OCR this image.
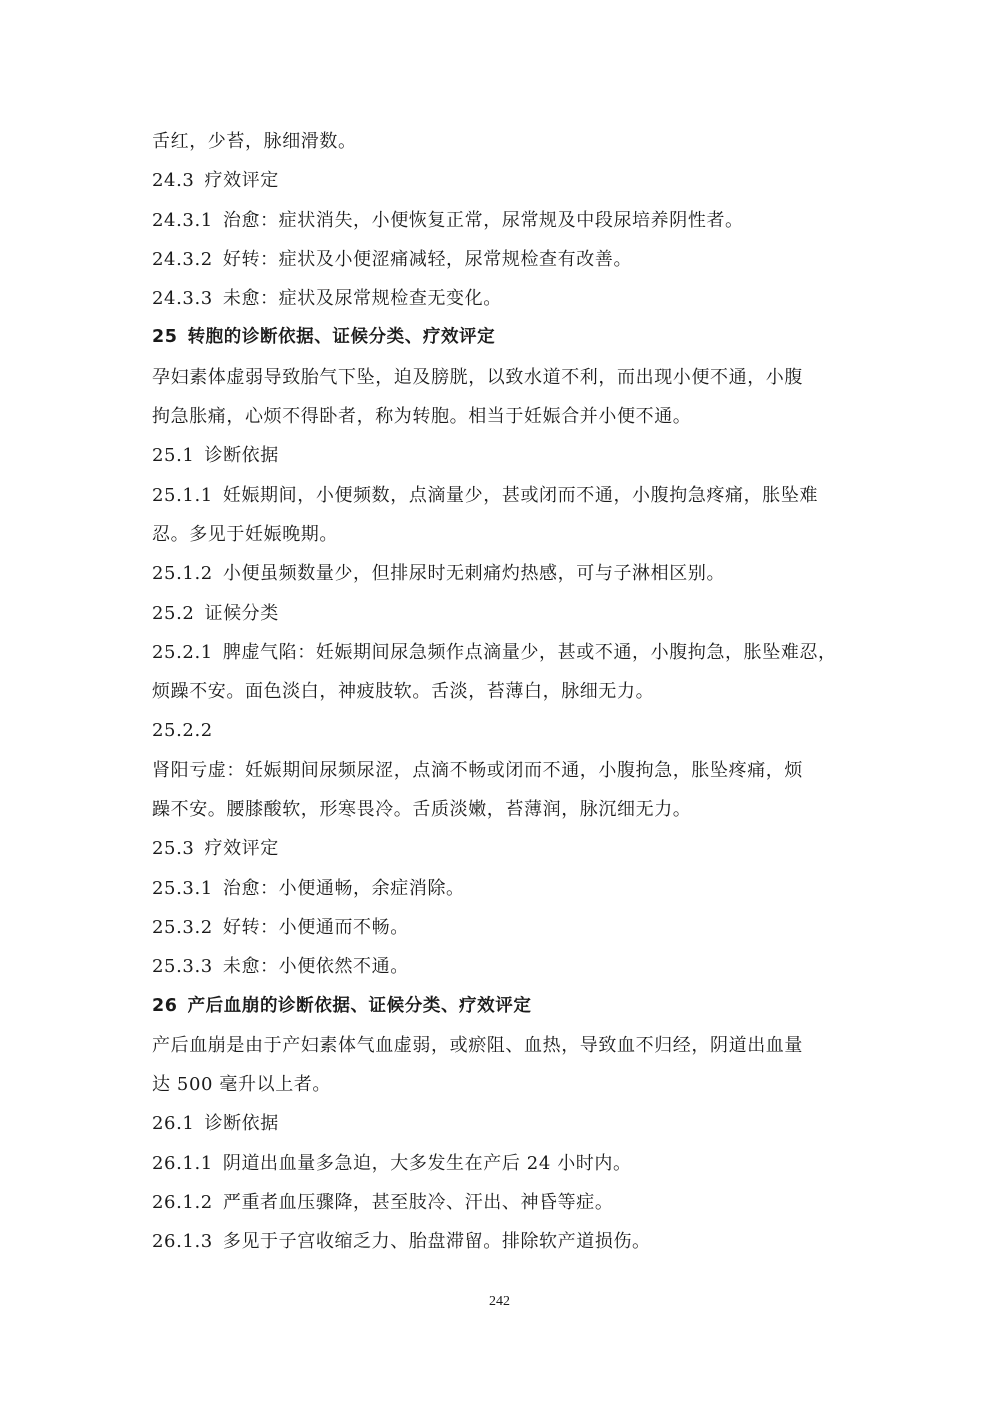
舌红，少苔，脉细滑数。
24.3 疗效评定
24.3.1 治愈：症状消失，小便恢复正常，尿常规及中段尿培养阴性者。
24.3.2 好转：症状及小便涩痛减轻，尿常规检查有改善。
24.3.3 未愈：症状及尿常规检查无变化。
25 转胞的诊断依据、证候分类、疗效评定
孕妇素体虚弱导致胎气下坠，迫及膀胱，以致水道不利，而出现小便不通，小腹
拘急胀痛，心烦不得卧者，称为转胞。相当于妊娠合并小便不通。
25.1 诊断依据
25.1.1 妊娠期间，小便频数，点滴量少，甚或闭而不通，小腹拘急疼痛，胀坠难
忍。多见于妊娠晚期。
25.1.2 小便虽频数量少，但排尿时无刺痛灼热感，可与子淋相区别。
25.2 证候分类
25.2.1 脾虚气陷：妊娠期间尿急频作点滴量少，甚或不通，小腹拘急，胀坠难忍，
烦躁不安。面色淡白，神疲肢软。舌淡，苔薄白，脉细无力。
25.2.2
肾阳亏虚：妊娠期间尿频尿涩，点滴不畅或闭而不通，小腹拘急，胀坠疼痛，烦
躁不安。腰膝酸软，形寒畏冷。舌质淡嫩，苔薄润，脉沉细无力。
25.3 疗效评定
25.3.1 治愈：小便通畅，余症消除。
25.3.2 好转：小便通而不畅。
25.3.3 未愈：小便依然不通。
26 产后血崩的诊断依据、证候分类、疗效评定
产后血崩是由于产妇素体气血虚弱，或瘀阻、血热，导致血不归经，阴道出血量
达 500 毫升以上者。
26.1 诊断依据
26.1.1 阴道出血量多急迫，大多发生在产后 24 小时内。
26.1.2 严重者血压骤降，甚至肢冷、汗出、神昏等症。
26.1.3 多见于子宫收缩乏力、胎盘滞留。排除软产道损伤。
242
